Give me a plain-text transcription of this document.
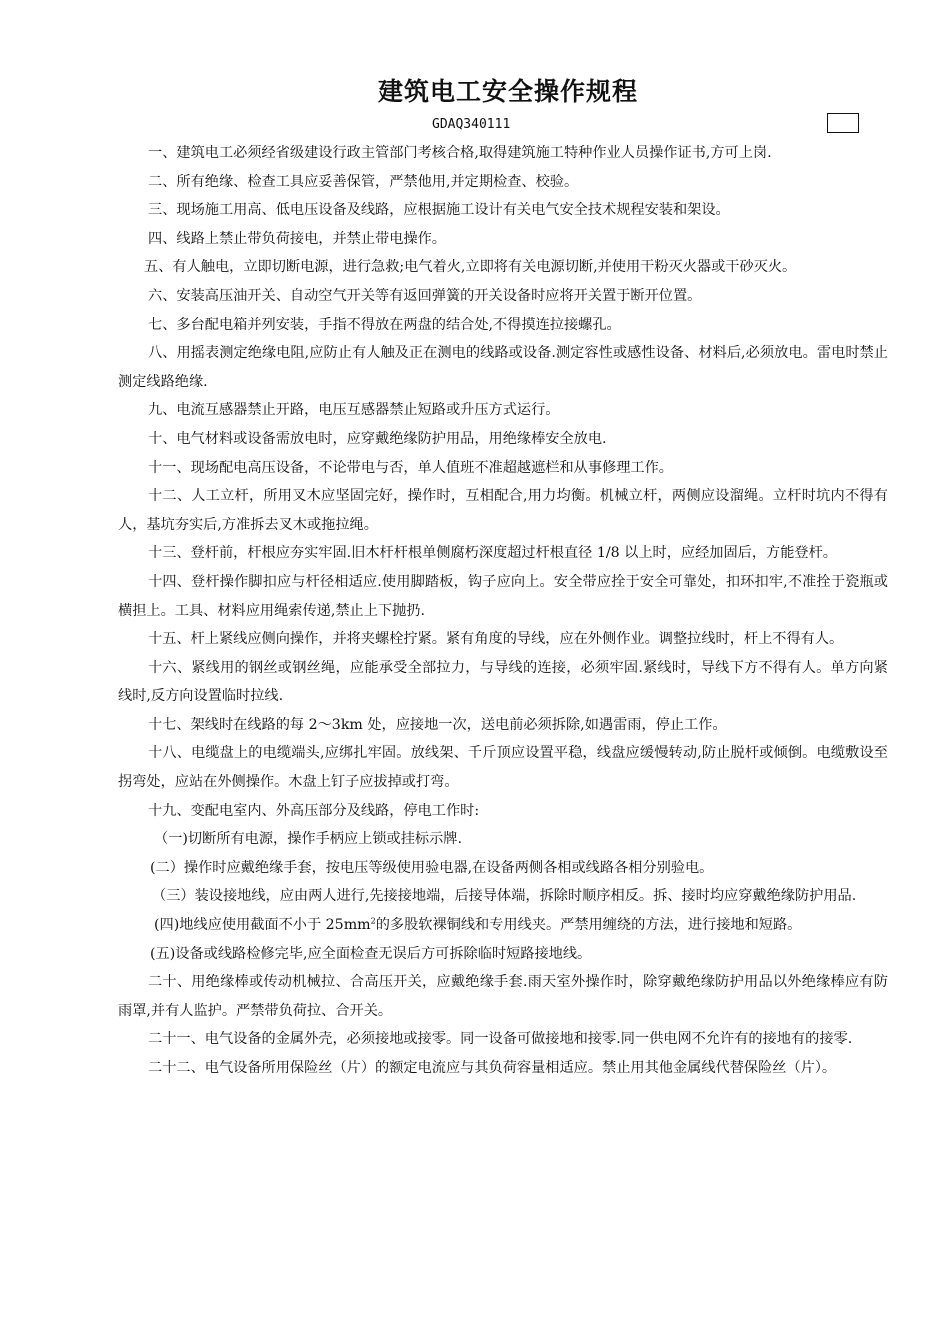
建筑电工安全操作规程
GDAQ340111

一、建筑电工必须经省级建设行政主管部门考核合格,取得建筑施工特种作业人员操作证书,方可上岗.

二、所有绝缘、检查工具应妥善保管，严禁他用,并定期检查、校验。

三、现场施工用高、低电压设备及线路，应根据施工设计有关电气安全技术规程安装和架设。

四、线路上禁止带负荷接电，并禁止带电操作。

五、有人触电，立即切断电源，进行急救;电气着火,立即将有关电源切断,并使用干粉灭火器或干砂灭火。

六、安装高压油开关、自动空气开关等有返回弹簧的开关设备时应将开关置于断开位置。

七、多台配电箱并列安装，手指不得放在两盘的结合处,不得摸连拉接螺孔。

八、用摇表测定绝缘电阻,应防止有人触及正在测电的线路或设备.测定容性或感性设备、材料后,必须放电。雷电时禁止测定线路绝缘.

九、电流互感器禁止开路，电压互感器禁止短路或升压方式运行。

十、电气材料或设备需放电时，应穿戴绝缘防护用品，用绝缘棒安全放电.

十一、现场配电高压设备，不论带电与否，单人值班不准超越遮栏和从事修理工作。

十二、人工立杆，所用叉木应坚固完好，操作时，互相配合,用力均衡。机械立杆，两侧应设溜绳。立杆时坑内不得有人，基坑夯实后,方准拆去叉木或拖拉绳。

十三、登杆前，杆根应夯实牢固.旧木杆杆根单侧腐朽深度超过杆根直径 1/8 以上时，应经加固后，方能登杆。

十四、登杆操作脚扣应与杆径相适应.使用脚踏板，钩子应向上。安全带应拴于安全可靠处，扣环扣牢,不准拴于瓷瓶或横担上。工具、材料应用绳索传递,禁止上下抛扔.

十五、杆上紧线应侧向操作，并将夹螺栓拧紧。紧有角度的导线，应在外侧作业。调整拉线时，杆上不得有人。

十六、紧线用的钢丝或钢丝绳，应能承受全部拉力，与导线的连接，必须牢固.紧线时，导线下方不得有人。单方向紧线时,反方向设置临时拉线.

十七、架线时在线路的每 2～3km 处，应接地一次，送电前必须拆除,如遇雷雨，停止工作。

十八、电缆盘上的电缆端头,应绑扎牢固。放线架、千斤顶应设置平稳，线盘应缓慢转动,防止脱杆或倾倒。电缆敷设至拐弯处，应站在外侧操作。木盘上钉子应拔掉或打弯。

十九、变配电室内、外高压部分及线路，停电工作时:

（一)切断所有电源，操作手柄应上锁或挂标示牌.

(二）操作时应戴绝缘手套，按电压等级使用验电器,在设备两侧各相或线路各相分别验电。

（三）装设接地线，应由两人进行,先接接地端，后接导体端，拆除时顺序相反。拆、接时均应穿戴绝缘防护用品.

(四)地线应使用截面不小于 $25mm^2$的多股软裸铜线和专用线夹。严禁用缠绕的方法，进行接地和短路。

(五)设备或线路检修完毕,应全面检查无误后方可拆除临时短路接地线。

二十、用绝缘棒或传动机械拉、合高压开关，应戴绝缘手套.雨天室外操作时，除穿戴绝缘防护用品以外绝缘棒应有防雨罩,并有人监护。严禁带负荷拉、合开关。

二十一、电气设备的金属外壳，必须接地或接零。同一设备可做接地和接零.同一供电网不允许有的接地有的接零.

二十二、电气设备所用保险丝（片）的额定电流应与其负荷容量相适应。禁止用其他金属线代替保险丝（片）。
